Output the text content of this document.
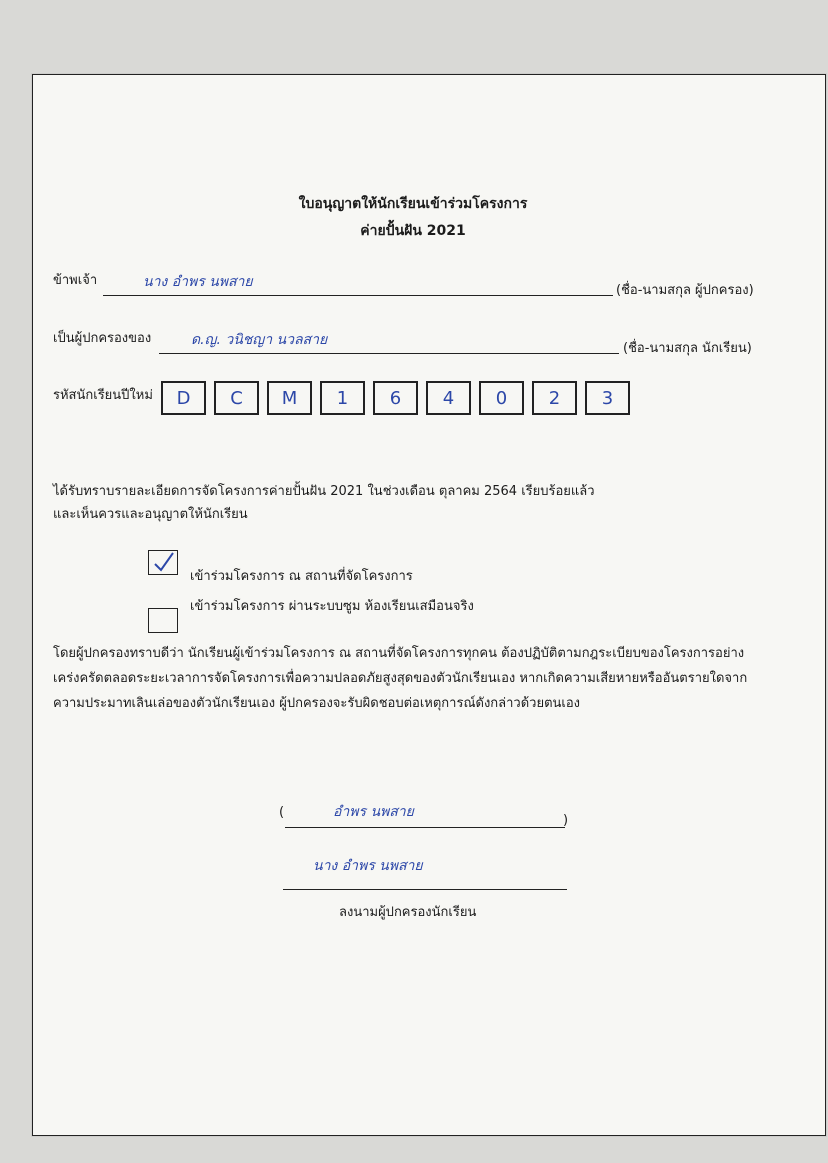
ใบอนุญาตให้นักเรียนเข้าร่วมโครงการ
ค่ายปั้นฝัน 2021
ข้าพเจ้า	นาง อำพร นพสาย
(ชื่อ-นามสกุล ผู้ปกครอง)
เป็นผู้ปกครองของ	ด.ญ. วนิชญา นวลสาย
(ชื่อ-นามสกุล นักเรียน)
รหัสนักเรียนปีใหม่	D	C	M	1	6	4	0	2	3
ได้รับทราบรายละเอียดการจัดโครงการค่ายปั้นฝัน 2021 ในช่วงเดือน ตุลาคม 2564 เรียบร้อยแล้ว
และเห็นควรและอนุญาตให้นักเรียน
เข้าร่วมโครงการ ณ สถานที่จัดโครงการ
เข้าร่วมโครงการ ผ่านระบบซูม ห้องเรียนเสมือนจริง
โดยผู้ปกครองทราบดีว่า นักเรียนผู้เข้าร่วมโครงการ ณ สถานที่จัดโครงการทุกคน ต้องปฏิบัติตามกฎระเบียบของโครงการอย่าง
เคร่งครัดตลอดระยะเวลาการจัดโครงการเพื่อความปลอดภัยสูงสุดของตัวนักเรียนเอง หากเกิดความเสียหายหรืออันตรายใดจาก
ความประมาทเลินเล่อของตัวนักเรียนเอง ผู้ปกครองจะรับผิดชอบต่อเหตุการณ์ดังกล่าวด้วยตนเอง
(	อำพร นพสาย
)
นาง อำพร นพสาย
ลงนามผู้ปกครองนักเรียน
